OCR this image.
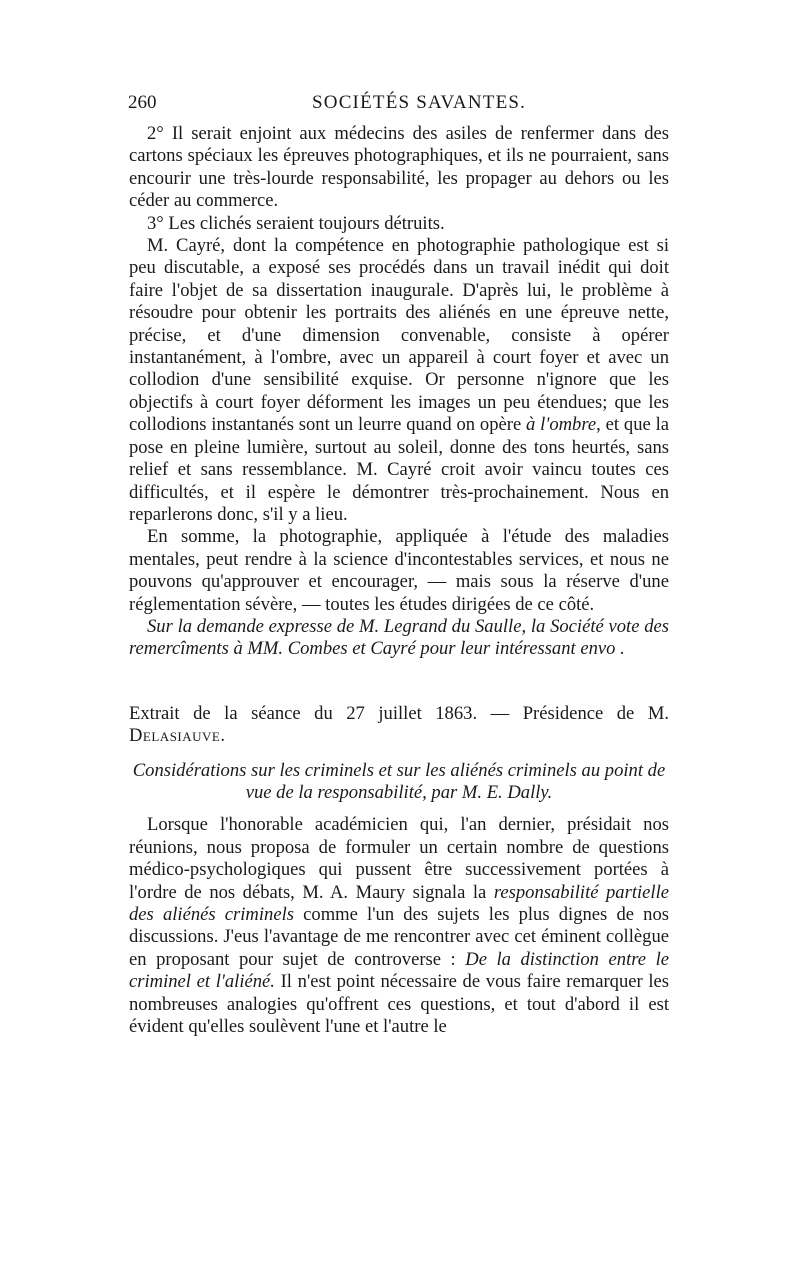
260	SOCIÉTÉS SAVANTES.

2° Il serait enjoint aux médecins des asiles de renfermer dans des cartons spéciaux les épreuves photographiques, et ils ne pourraient, sans encourir une très-lourde responsabilité, les propager au dehors ou les céder au commerce.

3° Les clichés seraient toujours détruits.

M. Cayré, dont la compétence en photographie pathologique est si peu discutable, a exposé ses procédés dans un travail inédit qui doit faire l'objet de sa dissertation inaugurale. D'après lui, le problème à résoudre pour obtenir les portraits des aliénés en une épreuve nette, précise, et d'une dimension convenable, consiste à opérer instantanément, à l'ombre, avec un appareil à court foyer et avec un collodion d'une sensibilité exquise. Or personne n'ignore que les objectifs à court foyer déforment les images un peu étendues; que les collodions instantanés sont un leurre quand on opère à l'ombre, et que la pose en pleine lumière, surtout au soleil, donne des tons heurtés, sans relief et sans ressemblance. M. Cayré croit avoir vaincu toutes ces difficultés, et il espère le démontrer très-prochainement. Nous en reparlerons donc, s'il y a lieu.

En somme, la photographie, appliquée à l'étude des maladies mentales, peut rendre à la science d'incontestables services, et nous ne pouvons qu'approuver et encourager, — mais sous la réserve d'une réglementation sévère, — toutes les études dirigées de ce côté.

Sur la demande expresse de M. Legrand du Saulle, la Société vote des remercîments à MM. Combes et Cayré pour leur intéressant envo .

Extrait de la séance du 27 juillet 1863. — Présidence de M. Delasiauve.

Considérations sur les criminels et sur les aliénés criminels au point de vue de la responsabilité, par M. E. Dally.

Lorsque l'honorable académicien qui, l'an dernier, présidait nos réunions, nous proposa de formuler un certain nombre de questions médico-psychologiques qui pussent être successivement portées à l'ordre de nos débats, M. A. Maury signala la responsabilité partielle des aliénés criminels comme l'un des sujets les plus dignes de nos discussions. J'eus l'avantage de me rencontrer avec cet éminent collègue en proposant pour sujet de controverse : De la distinction entre le criminel et l'aliéné. Il n'est point nécessaire de vous faire remarquer les nombreuses analogies qu'offrent ces questions, et tout d'abord il est évident qu'elles soulèvent l'une et l'autre le
